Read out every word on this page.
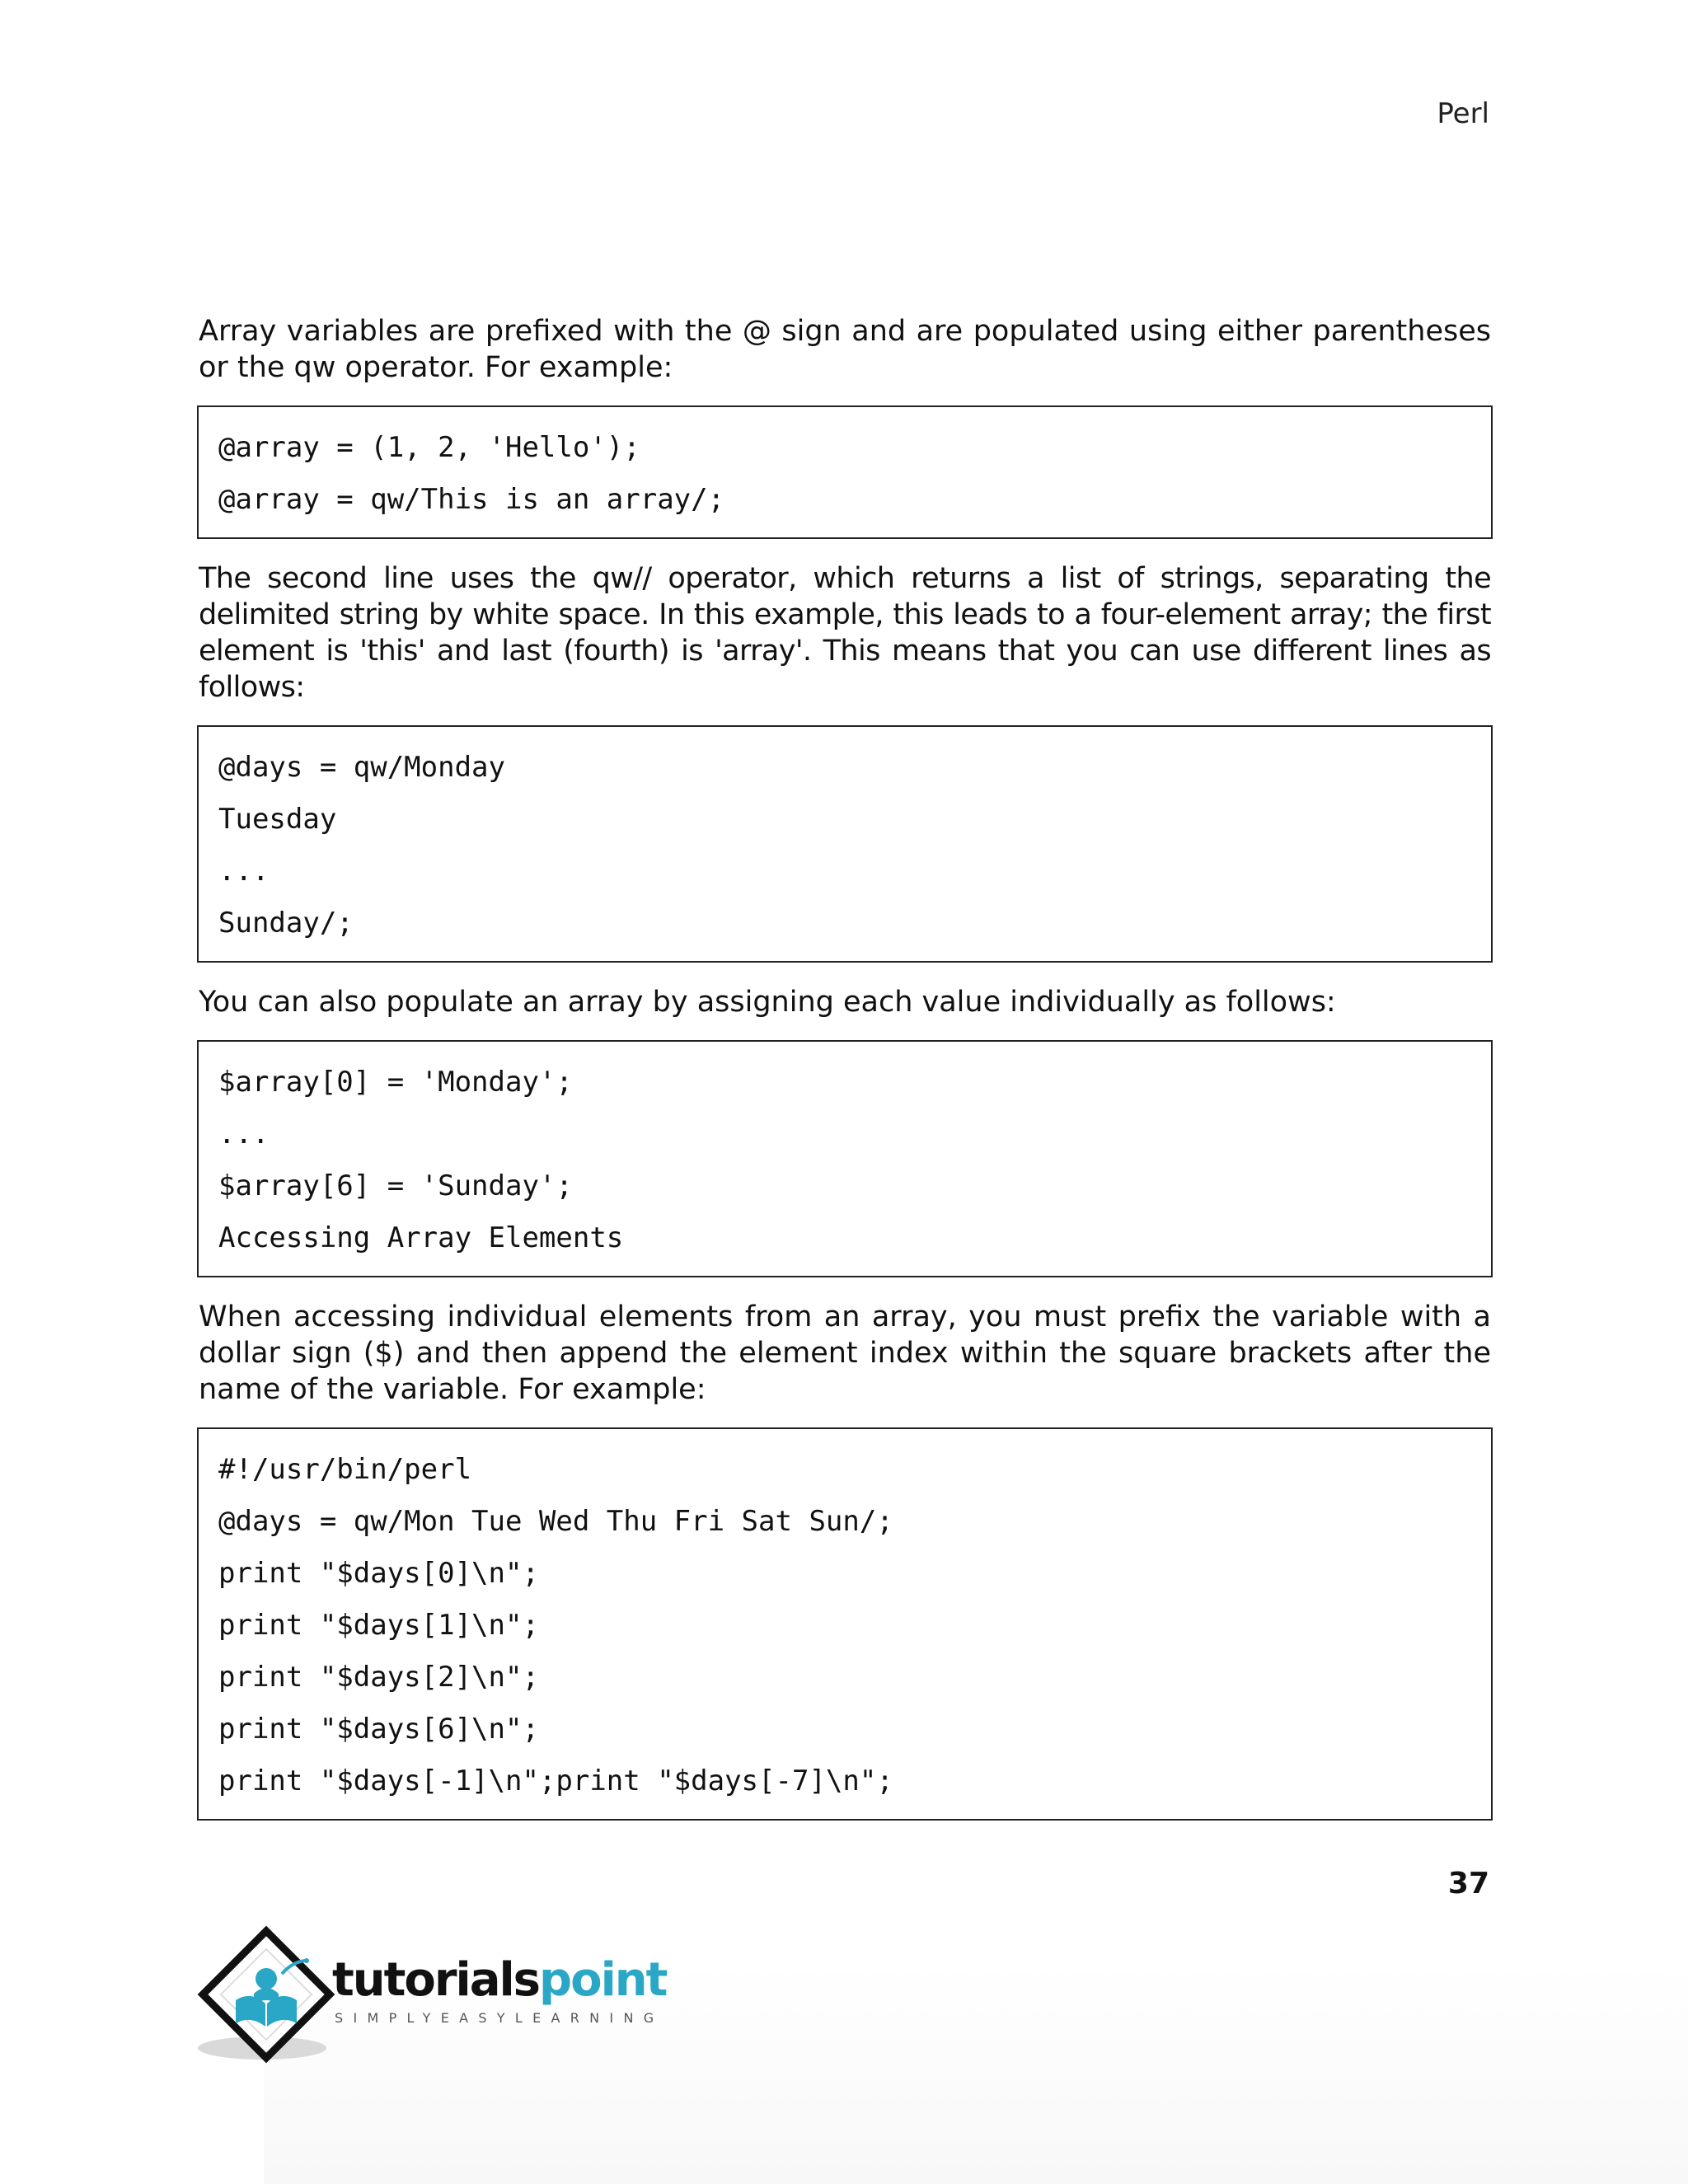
Perl

Array variables are prefixed with the @ sign and are populated using either parentheses or the qw operator. For example:

@array = (1, 2, 'Hello');
@array = qw/This is an array/;

The second line uses the qw// operator, which returns a list of strings, separating the delimited string by white space. In this example, this leads to a four-element array; the first element is 'this' and last (fourth) is 'array'. This means that you can use different lines as follows:

@days = qw/Monday
Tuesday
...
Sunday/;

You can also populate an array by assigning each value individually as follows:

$array[0] = 'Monday';
...
$array[6] = 'Sunday';
Accessing Array Elements

When accessing individual elements from an array, you must prefix the variable with a dollar sign ($) and then append the element index within the square brackets after the name of the variable. For example:

#!/usr/bin/perl
@days = qw/Mon Tue Wed Thu Fri Sat Sun/;
print "$days[0]\n";
print "$days[1]\n";
print "$days[2]\n";
print "$days[6]\n";
print "$days[-1]\n";print "$days[-7]\n";
37
tutorialspoint
SIMPLYEASYLEARNING
